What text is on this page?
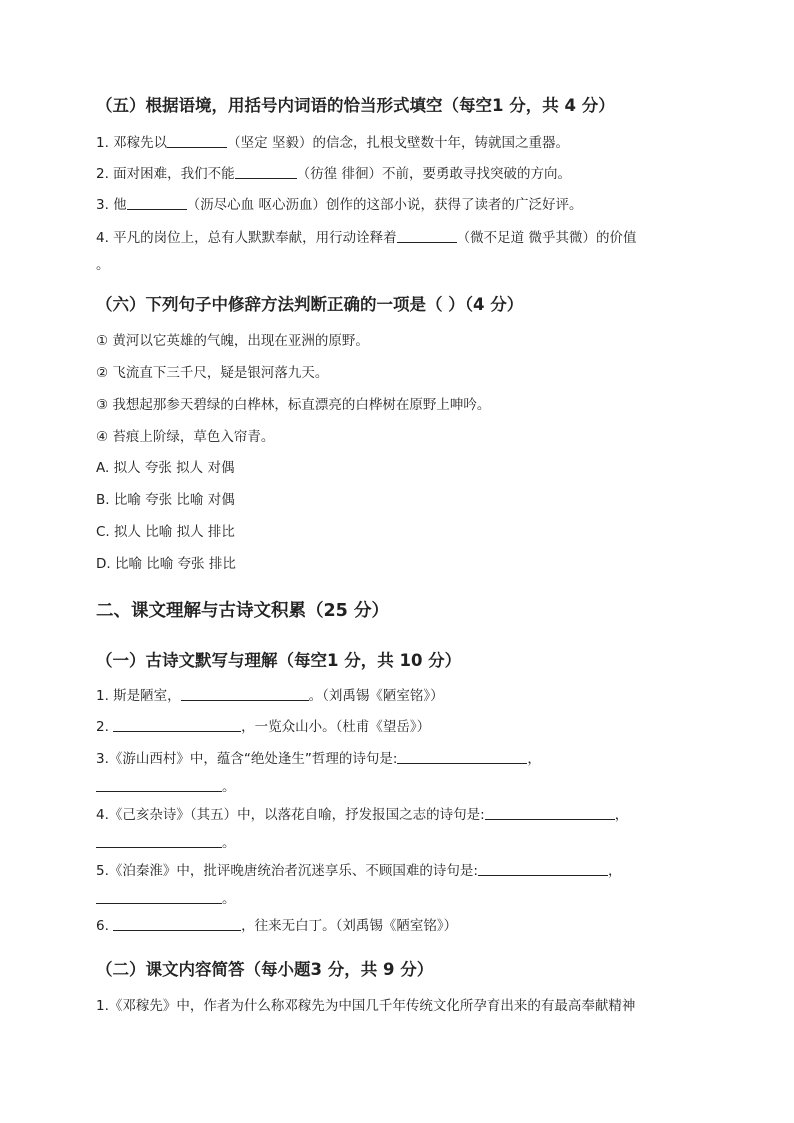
（五）根据语境，用括号内词语的恰当形式填空（每空1 分，共 4 分）
1. 邓稼先以	（坚定 坚毅）的信念，扎根戈壁数十年，铸就国之重器。
2. 面对困难，我们不能	（彷徨 徘徊）不前，要勇敢寻找突破的方向。
3. 他	（沥尽心血 呕心沥血）创作的这部小说，获得了读者的广泛好评。
4. 平凡的岗位上，总有人默默奉献，用行动诠释着	（微不足道 微乎其微）的价值
。
（六）下列句子中修辞方法判断正确的一项是（ ）（4 分）
① 黄河以它英雄的气魄，出现在亚洲的原野。
② 飞流直下三千尺，疑是银河落九天。
③ 我想起那参天碧绿的白桦林，标直漂亮的白桦树在原野上呻吟。
④ 苔痕上阶绿，草色入帘青。
A. 拟人 夸张 拟人 对偶
B. 比喻 夸张 比喻 对偶
C. 拟人 比喻 拟人 排比
D. 比喻 比喻 夸张 排比
二、课文理解与古诗文积累（25 分）
（一）古诗文默写与理解（每空1 分，共 10 分）
1. 斯是陋室，	。（刘禹锡《陋室铭》）
2.	，一览众山小。（杜甫《望岳》）
3.《游山西村》中，蕴含“绝处逢生”哲理的诗句是:	，
。
4.《己亥杂诗》（其五）中，以落花自喻，抒发报国之志的诗句是:	，
。
5.《泊秦淮》中，批评晚唐统治者沉迷享乐、不顾国难的诗句是:	，
。
6.	，往来无白丁。（刘禹锡《陋室铭》）
（二）课文内容简答（每小题3 分，共 9 分）
1.《邓稼先》中，作者为什么称邓稼先为中国几千年传统文化所孕育出来的有最高奉献精神
